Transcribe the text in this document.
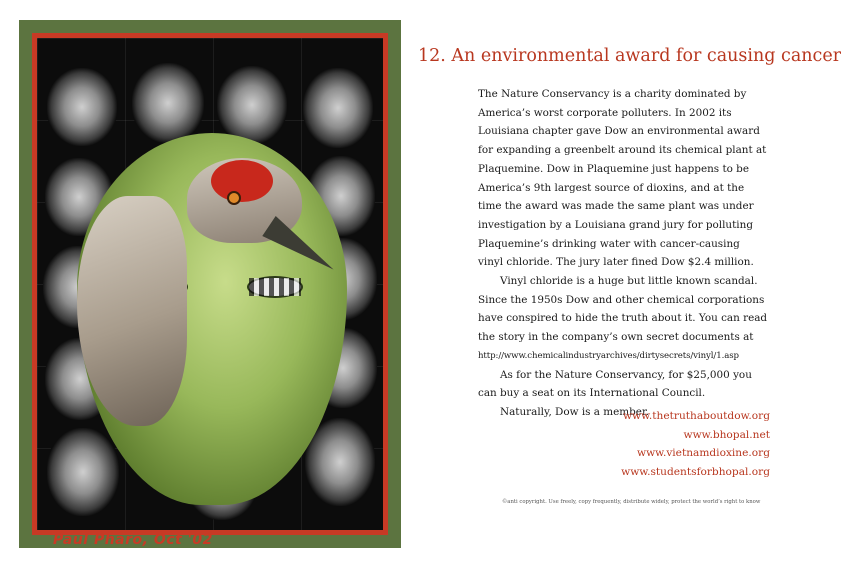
Paul Pharo, Oct '02
12. An environmental award for causing cancer

The Nature Conservancy is a charity dominated by America’s worst corporate polluters. In 2002 its Louisiana chapter gave Dow an environmental award for expanding a greenbelt around its chemical plant at Plaquemine. Dow in Plaquemine just happens to be America’s 9th largest source of dioxins, and at the time the award was made the same plant was under investigation by a Louisiana grand jury for polluting Plaquemine’s drinking water with cancer-causing vinyl chloride. The jury later fined Dow $2.4 million.

Vinyl chloride is a huge but little known scandal. Since the 1950s Dow and other chemical corporations have conspired to hide the truth about it. You can read the story in the company’s own secret documents at

http://www.chemicalindustryarchives/dirtysecrets/vinyl/1.asp

As for the Nature Conservancy, for $25,000 you can buy a seat on its International Council.

Naturally, Dow is a member.

www.thetruthaboutdow.org
www.bhopal.net
www.vietnamdioxine.org
www.studentsforbhopal.org
©anti copyright. Use freely, copy frequently, distribute widely, protect the world’s right to know
